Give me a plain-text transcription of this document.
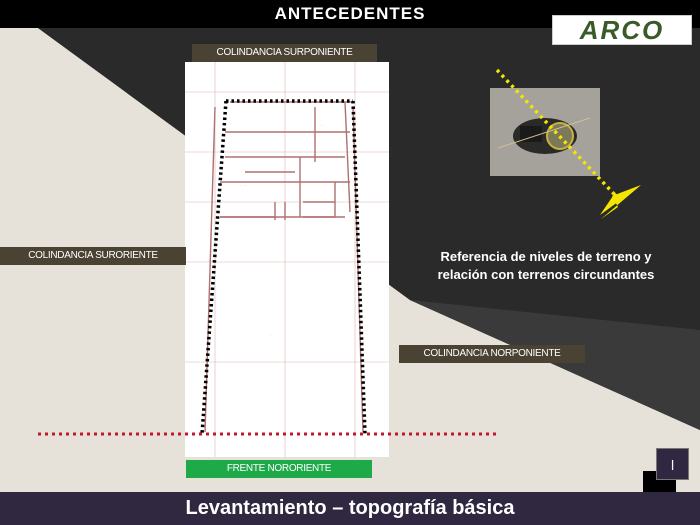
ANTECEDENTES
ARCO
· · · ·
· ·
· · ·
·
COLINDANCIA SURPONIENTE
COLINDANCIA SURORIENTE
COLINDANCIA NORPONIENTE
FRENTE NORORIENTE
Referencia de niveles de terreno y
relación con terrenos circundantes
l
Levantamiento – topografía básica
